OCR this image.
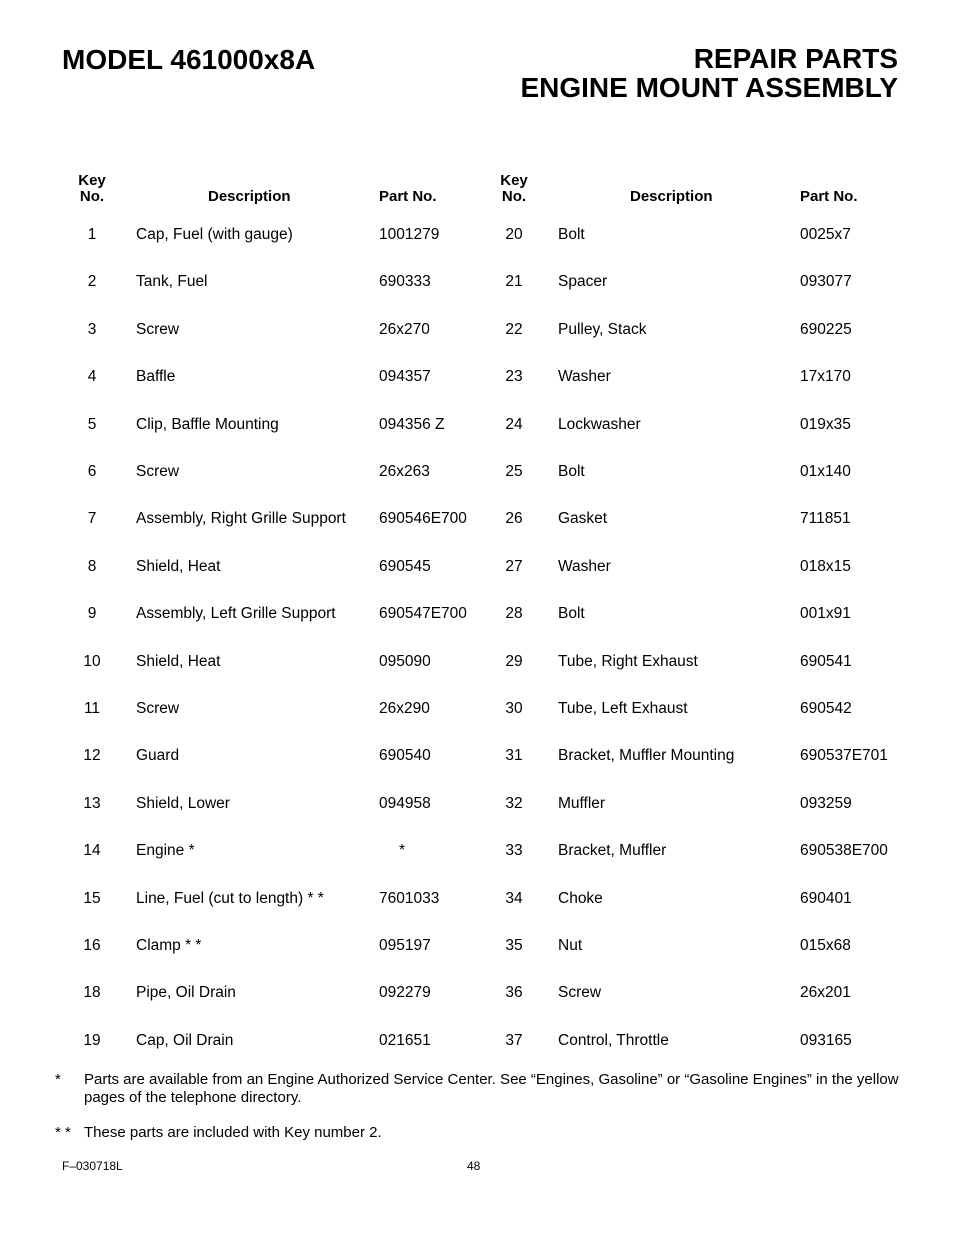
MODEL 461000x8A	REPAIR PARTS
ENGINE MOUNT ASSEMBLY
Key
No.	Description	Part No.
Key
No.	Description	Part No.
1	Cap, Fuel (with gauge)	1001279
2	Tank, Fuel	690333
3	Screw	26x270
4	Baffle	094357
5	Clip, Baffle Mounting	094356 Z
6	Screw	26x263
7	Assembly, Right Grille Support 690546E700
8	Shield, Heat	690545
9	Assembly, Left Grille Support	690547E700
10	Shield, Heat	095090
11	Screw	26x290
12	Guard	690540
13	Shield, Lower	094958
14	Engine *	*
15	Line, Fuel (cut to length) * *	7601033
16	Clamp * *	095197
18	Pipe, Oil Drain	092279
19	Cap, Oil Drain	021651
20	Bolt	0025x7
21	Spacer	093077
22	Pulley, Stack	690225
23	Washer	17x170
24	Lockwasher	019x35
25	Bolt	01x140
26	Gasket	711851
27	Washer	018x15
28	Bolt	001x91
29	Tube, Right Exhaust	690541
30	Tube, Left Exhaust	690542
31	Bracket, Muffler Mounting	690537E701
32	Muffler	093259
33	Bracket, Muffler	690538E700
34	Choke	690401
35	Nut	015x68
36	Screw	26x201
37	Control, Throttle	093165
* Parts are available from an Engine Authorized Service Center. See “Engines, Gasoline” or “Gasoline Engines” in the yellow pages of the telephone directory.
* * These parts are included with Key number 2.
F–030718L	48
